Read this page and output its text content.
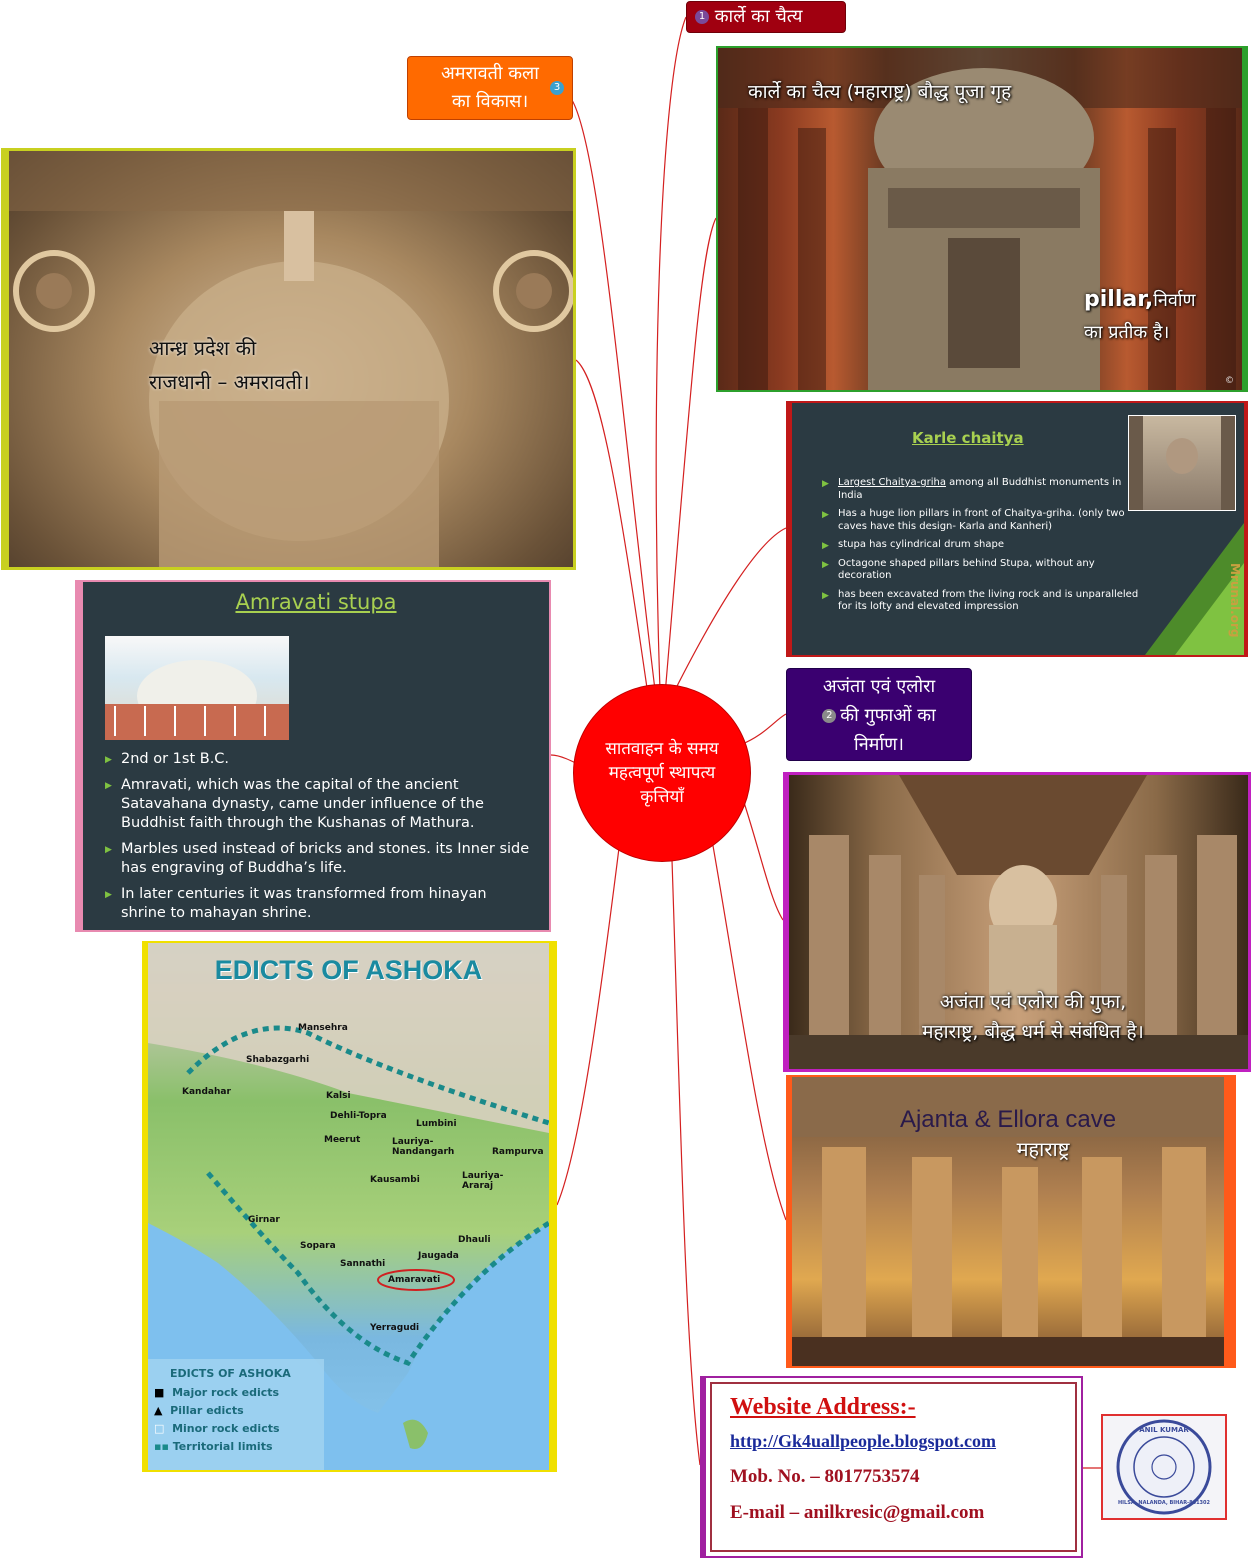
सातवाहन के समय
महत्वपूर्ण स्थापत्य
कृत्तियाँ
1 कार्ले का चैत्य
अमरावती कला
का विकास।
3
अजंता एवं एलोरा
2 की गुफाओं का
निर्माण।
कार्ले का चैत्य (महाराष्ट्र) बौद्ध पूजा गृह
pillar,निर्वाण
का प्रतीक है।
©
Karle chaitya
▶ Largest Chaitya-griha among all Buddhist monuments in India
▶ Has a huge lion pillars in front of Chaitya-griha. (only two caves have this design- Karla and Kanheri)
▶ stupa has cylindrical drum shape
▶ Octagone shaped pillars behind Stupa, without any decoration
▶ has been excavated from the living rock and is unparalleled for its lofty and elevated impression	Mrunal.org
आन्ध्र प्रदेश की
राजधानी – अमरावती।
Amravati stupa
▶ 2nd or 1st B.C.
▶ Amravati, which was the capital of the ancient Satavahana dynasty, came under influence of the Buddhist faith through the Kushanas of Mathura.
▶ Marbles used instead of bricks and stones. its Inner side has engraving of Buddha’s life.
▶ In later centuries it was transformed from hinayan shrine to mahayan shrine.
अजंता एवं एलोरा की गुफा,
महाराष्ट्र, बौद्ध धर्म से संबंधित है।
Ajanta & Ellora cave
महाराष्ट्र
EDICTS OF ASHOKA
Mansehra
Shabazgarhi
Kandahar	Kalsi
Dehli-Topra
Meerut
Lumbini
Lauriya-Nandangarh	Rampurva
Lauriya-Araraj
Kausambi
Girnar
Sopara
Sannathi
Jaugada
Dhauli
Amaravati
Yerragudi
EDICTS OF ASHOKA
■ Major rock edicts
▲ Pillar edicts
□ Minor rock edicts
▪▪ Territorial limits
Website Address:-
http://Gk4uallpeople.blogspot.com
Mob. No. – 8017753574
E-mail – anilkresic@gmail.com
ANIL KUMAR
HILSA, NALANDA, BIHAR-801302
